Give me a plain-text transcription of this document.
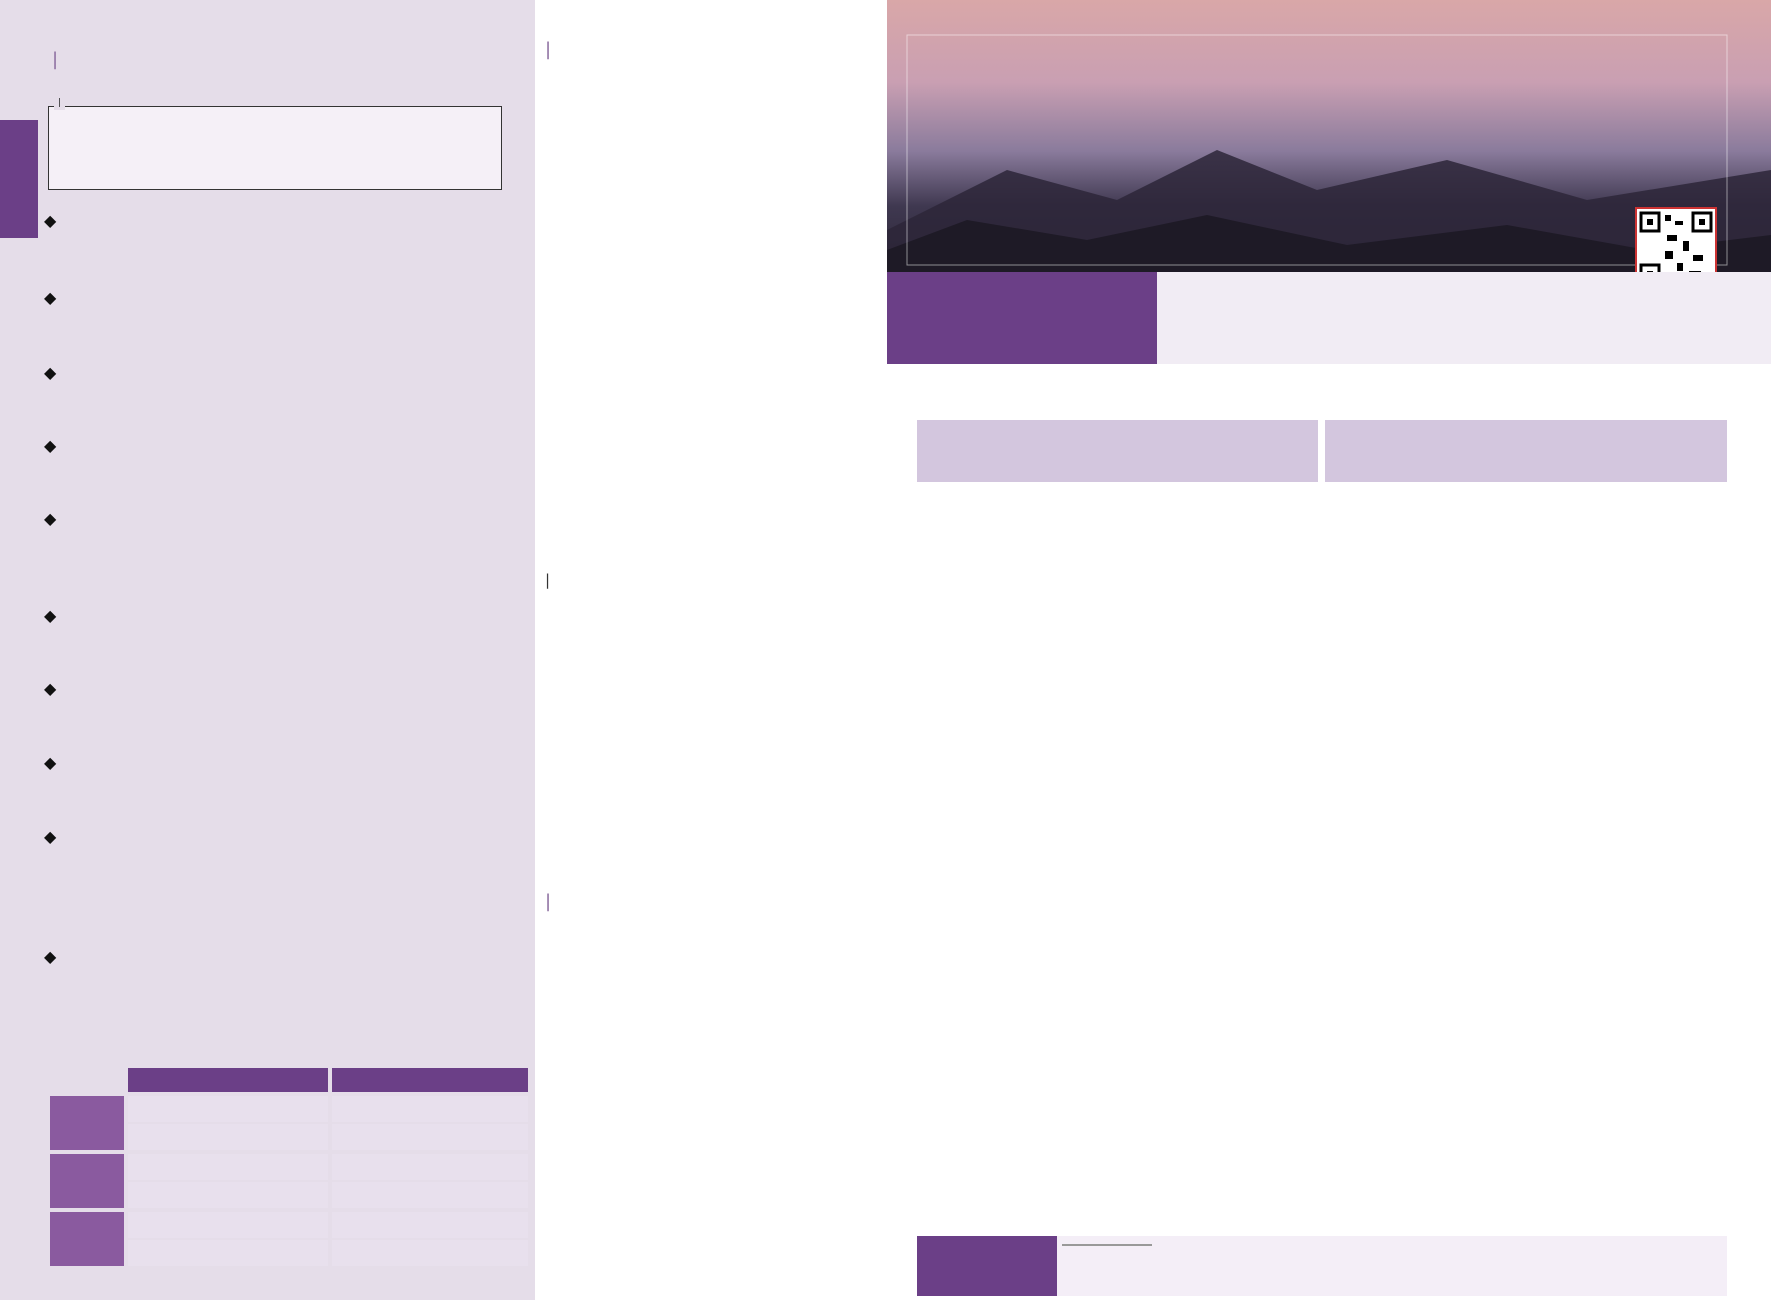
|
|
◆
◆
◆
◆
◆
◆
◆
◆
◆
◆
|
|
|
